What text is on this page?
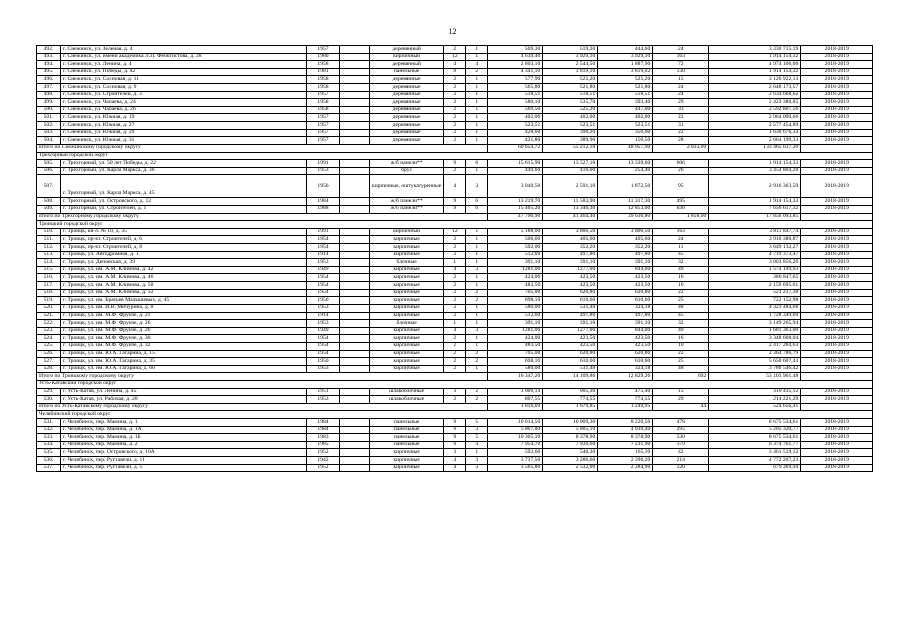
12
492.	г. Снежинск, ул. Зеленая, д. 4	1957		деревянный	2	1	569,30	519,30	444,60	24	3 330 715,19	2018-2019
493.	г. Снежинск, ул. имени академика Л.П. Феоктистова, д. 28	1980		кирпичный	12	1	4 639,40	3 929,10	3 929,10	163	1 914 154,32	2018-2019
494.	г. Снежинск, ул. Ленина, д. 4	1958		деревянный	4	4	2 803,10	2 544,50	1 887,90	72	4 974 106,00	2018-2019
495.	г. Снежинск, ул. Победы, д. 42	1981		панельные	9	2	4 341,10	3 819,10	3 819,02	130	1 914 154,32	2018-2019
496.	г. Снежинск, ул. Сосновая, д. 11	1958		деревянные	2	1	577,90	525,20	525,20	15	3 126 922,13	2018-2019
497.	г. Снежинск, ул. Сосновая, д. 9	1958		деревянные	2	1	565,80	521,80	521,80	24	2 648 173,57	2018-2019
498.	г. Снежинск, ул. Строителей, д. 3	1957		деревянные	2	1	518,51	518,51	518,51	24	2 634 668,62	2018-2019
499.	г. Снежинск, ул. Чапаева, д. 24	1958		деревянные	2	1	580,10	535,70	393,40	29	2 423 380,05	2018-2019
500.	г. Снежинск, ул. Чапаева, д. 26	1958		деревянные	2	1	569,50	525,20	447,00	33	2 592 807,56	2018-2019
501.	г. Снежинск, ул. Южная, д. 19	1957		деревянные	2	1	402,00	402,00	402,00	22	2 064 000,66	2018-2019
502.	г. Снежинск, ул. Южная, д. 27	1957		деревянные	2	1	523,51	523,51	523,51	31	2 577 454,89	2018-2019
503.	г. Снежинск, ул. Южная, д. 29	1957		деревянные	2	1	428,60	396,20	350,00	22	1 630 676,34	2018-2019
504.	г. Снежинск, ул. Южная, д. 31	1957		деревянные	2	1	421,80	389,90	150,50	28	2 664 199,33	2018-2019
Итого по Снежинскому городскому округу							60 654,72	55 212,18	48 957,90	2 033,00	133 465 637,20	
Трехгорный городской округ												
505.	г. Трехгорный, ул. 50 лет Победы, д. 22	1991		ж/б панели**	9	6	15 615,90	13 527,10	13 339,60	606	1 914 154,33	2018-2019
506.	г. Трехгорный, ул. Карла Маркса, д. 36	1953		брус	2	1	449,60	416,00	254,40	26	3 454 804,28	2018-2019
507.	г. Трехгорный, ул. Карла Маркса, д. 45	1956		кирпичные, оштукатуренные	4	3	3 040,50	2 591,10	1 872,50	95	2 916 363,59	2018-2019
508.	г. Трехгорный, ул. Островского, д. 12	1984		ж/б панели**	9	6	13 219,70	11 583,90	11 317,30	495	1 914 154,33	2018-2019
509.	г. Трехгорный, ул. Строителей, д. 1	1988		ж/б панели**	9	6	15 465,20	13 346,30	12 853,00	636	7 656 617,32	2018-2019
Итого по Трехгорному городскому округу							47 790,90	41 464,40	39 636,80	1 858,00	17 856 093,85	
Троицкий городской округ												
510.	г. Троицк, кв-л. № 10, д. 35	1991		кирпичный	12	1	5 188,00	3 800,50	3 800,50	163	3 811 847,74	2018-2019
511.	г. Троицк, пр-кт. Строителей, д. 6	1954		кирпичные	2	1	506,60	405,60	405,60	24	3 916 380,87	2018-2019
512.	г. Троицк, пр-кт. Строителей, д. 8	1954		кирпичные	2	1	502,00	352,20	352,20	11	3 649 132,27	2018-2019
513.	г. Троицк, ул. Автодромная, д. 1	1914		кирпичные	2	1	512,60	497,80	497,80	45	4 719 373,47	2018-2019
514.	г. Троицк, ул. Деповская, д. 39	1953		блочные	1	1	391,10	391,10	391,10	32	3 003 856,26	2018-2019
515.	г. Троицк, ул. им. А.М. Климова, д. 42	1949		кирпичные	4	3	1281,00	1277,00	844,00	49	1 574 149,93	2018-2019
516.	г. Троицк, ул. им. А.М. Климова, д. 46	1954		кирпичные	2	1	424,00	423,50	423,50	16	380 847,65	2018-2019
517.	г. Троицк, ул. им. А.М. Климова, д. 50	1954		кирпичные	2	1	483,50	423,50	423,50	10	2 159 695,01	2018-2019
518.	г. Троицк, ул. им. А.М. Климова, д. 52	1954		кирпичные	2	2	705,00	620,80	620,80	22	521 237,30	2018-2019
519.	г. Троицк, ул. им. Братьев Малышевых, д. 45	1950		кирпичные	2	2	698,10	610,60	610,60	25	722 152,98	2018-2019
520.	г. Троицк, ул. им. И.В. Мичурина, д. 8	1953		кирпичные	2	1	580,00	531,48	324,18	48	4 323 484,68	2018-2019
521.	г. Троицк, ул. им. М.Ф. Фрунзе, д. 21	1914		кирпичные	2	1	512,60	497,80	497,80	45	1 728 349,09	2018-2019
522.	г. Троицк, ул. им. М.Ф. Фрунзе, д. 26	1953		блочные	1	1	391,10	391,10	391,10	32	3 149 265,94	2018-2019
523.	г. Троицк, ул. им. М.Ф. Фрунзе, д. 26	1949		кирпичные	4	3	1281,00	1277,00	844,00	49	1 681 363,00	2018-2019
524.	г. Троицк, ул. им. М.Ф. Фрунзе, д. 30	1954		кирпичные	2	1	424,00	423,50	423,50	16	3 348 608,04	2018-2019
525.	г. Троицк, ул. им. М.Ф. Фрунзе, д. 32	1954		кирпичные	2	1	483,50	423,50	423,50	10	2 417 284,63	2018-2019
526.	г. Троицк, ул. им. Ю.А. Гагарина, д. 15	1954		кирпичные	2	2	705,00	620,80	620,80	22	2 364 786,79	2018-2019
527.	г. Троицк, ул. им. Ю.А. Гагарина, д. 35	1950		кирпичные	2	2	698,10	610,60	610,60	25	5 650 607,43	2018-2019
528.	г. Троицк, ул. им. Ю.А. Гагарина, д. 60	1953		кирпичные	2	1	580,00	531,48	324,18	48	3 780 546,42	2018-2019
Итого по Троицкому городскому округу							16 347,20	14 109,86	12 829,26	692	53 103 961,48	
Усть-Катавский городской округ												
529.	г. Усть-Катав, ул. Ленина, д. 45	1951		шлакоблочные	3	2	1 009,14	905,30	475,40	15	310 435,12	2018-2019
530.	г. Усть-Катав, ул. Рабочая, д. 28	1953		шлакоблочные	2	2	807,55	774,55	774,55	29	214 221,29	2018-2019
Итого по Усть-Катавскому городскому округу							1 816,69	1 679,85	1 249,95	44	524 656,41	
Челябинский городской округ												
531.	г. Челябинск, пер. Мамина, д. 1	1984		панельные	9	5	10 014,50	10 009,30	8 220,50	478	8 675 534,61	2018-2019
532.	г. Челябинск, пер. Мамина, д. 1А	1984		панельные	9	3	5 807,80	5 805,10	4 939,40	295	5 205 320,77	2018-2019
533.	г. Челябинск, пер. Мамина, д. 1Б	1983		панельные	9	5	10 305,10	8 378,90	8 378,90	530	8 675 534,61	2018-2019
534.	г. Челябинск, пер. Мамина, д. 2	1985		панельные	9	4	7 954,70	7 936,60	7 231,90	379	6 374 761,77	2018-2019
535.	г. Челябинск, пер. Островского, д. 10А	1952		кирпичные	3	1	593,60	540,30	165,10	42	3 461 519,12	2018-2019
536.	г. Челябинск, пер. Руставели, д. 11	1942		кирпичные	4	3	3 737,50	3 286,60	2 396,20	214	4 772 207,23	2018-2019
537.	г. Челябинск, пер. Руставели, д. 5	1952		кирпичные	4	3	3 565,80	2 532,00	2 284,90	120	679 369,94	2018-2019
